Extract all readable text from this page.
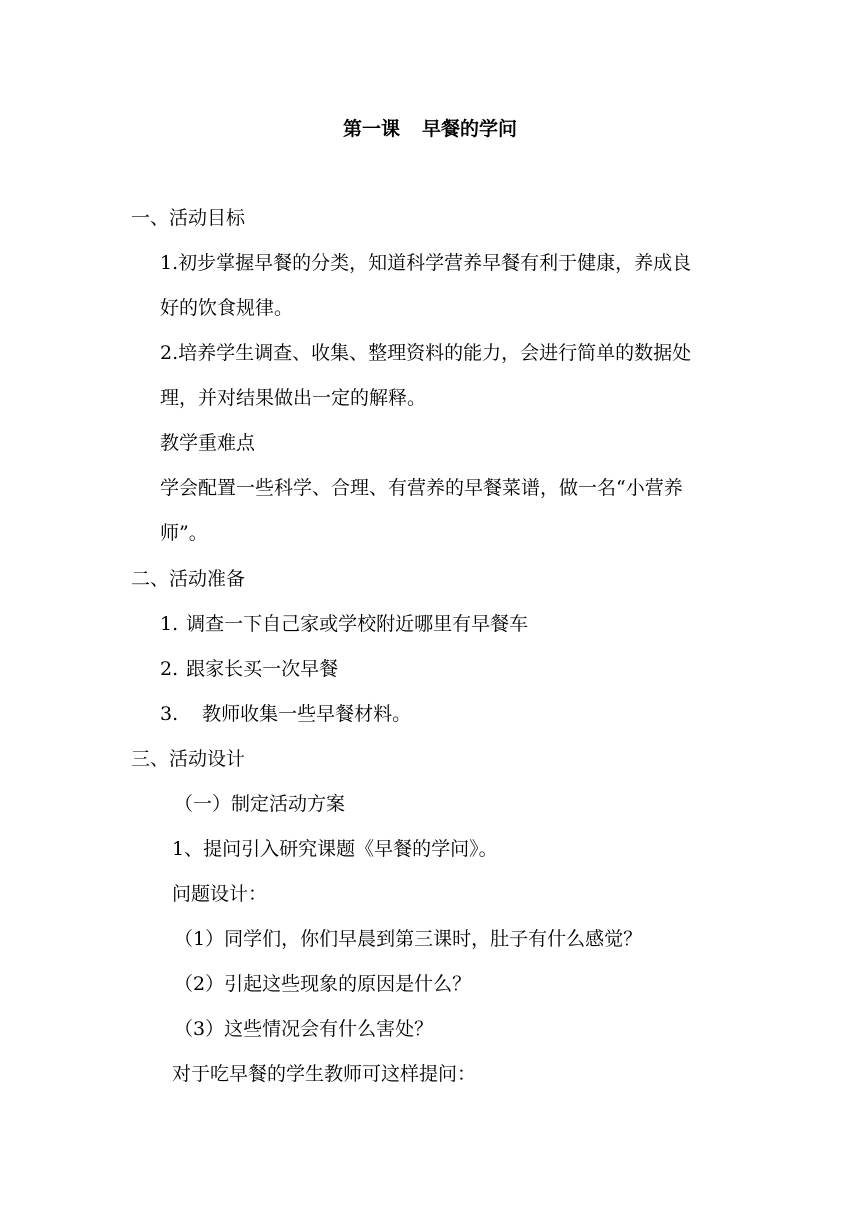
第一课 早餐的学问
一、活动目标
1.初步掌握早餐的分类，知道科学营养早餐有利于健康，养成良
好的饮食规律。
2.培养学生调查、收集、整理资料的能力，会进行简单的数据处
理，并对结果做出一定的解释。
教学重难点
学会配置一些科学、合理、有营养的早餐菜谱，做一名“小营养
师”。
二、活动准备
1. 调查一下自己家或学校附近哪里有早餐车
2. 跟家长买一次早餐
3. 教师收集一些早餐材料。
三、活动设计
（一）制定活动方案
1、提问引入研究课题《早餐的学问》。
问题设计：
（1）同学们，你们早晨到第三课时，肚子有什么感觉？
（2）引起这些现象的原因是什么？
（3）这些情况会有什么害处？
对于吃早餐的学生教师可这样提问：
